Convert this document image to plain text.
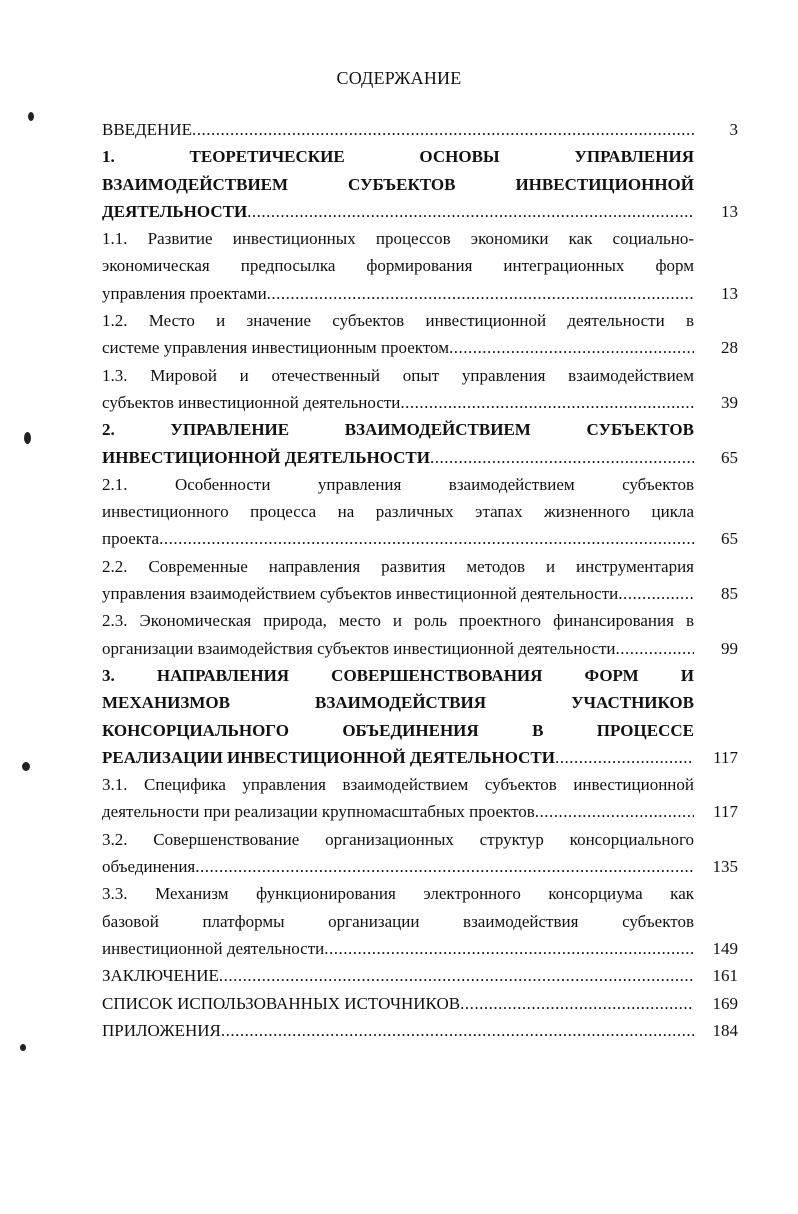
СОДЕРЖАНИЕ
ВВЕДЕНИЕ .....	3
1. ТЕОРЕТИЧЕСКИЕ ОСНОВЫ УПРАВЛЕНИЯ
ВЗАИМОДЕЙСТВИЕМ СУБЪЕКТОВ ИНВЕСТИЦИОННОЙ
ДЕЯТЕЛЬНОСТИ .....	13
1.1. Развитие инвестиционных процессов экономики как социально-
экономическая предпосылка формирования интеграционных форм
управления проектами .....	13
1.2. Место и значение субъектов инвестиционной деятельности в
системе управления инвестиционным проектом .....	28
1.3. Мировой и отечественный опыт управления взаимодействием
субъектов инвестиционной деятельности .....	39
2. УПРАВЛЕНИЕ ВЗАИМОДЕЙСТВИЕМ СУБЪЕКТОВ
ИНВЕСТИЦИОННОЙ ДЕЯТЕЛЬНОСТИ .....	65
2.1. Особенности управления взаимодействием субъектов
инвестиционного процесса на различных этапах жизненного цикла
проекта .....	65
2.2. Современные направления развития методов и инструментария
управления взаимодействием субъектов инвестиционной деятельности .....	85
2.3. Экономическая природа, место и роль проектного финансирования в
организации взаимодействия субъектов инвестиционной деятельности .....	99
3. НАПРАВЛЕНИЯ СОВЕРШЕНСТВОВАНИЯ ФОРМ И
МЕХАНИЗМОВ ВЗАИМОДЕЙСТВИЯ УЧАСТНИКОВ
КОНСОРЦИАЛЬНОГО ОБЪЕДИНЕНИЯ В ПРОЦЕССЕ
РЕАЛИЗАЦИИ ИНВЕСТИЦИОННОЙ ДЕЯТЕЛЬНОСТИ .....	117
3.1. Специфика управления взаимодействием субъектов инвестиционной
деятельности при реализации крупномасштабных проектов .....	117
3.2. Совершенствование организационных структур консорциального
объединения .....	135
3.3. Механизм функционирования электронного консорциума как
базовой платформы организации взаимодействия субъектов
инвестиционной деятельности .....	149
ЗАКЛЮЧЕНИЕ .....	161
СПИСОК ИСПОЛЬЗОВАННЫХ ИСТОЧНИКОВ .....	169
ПРИЛОЖЕНИЯ .....	184
